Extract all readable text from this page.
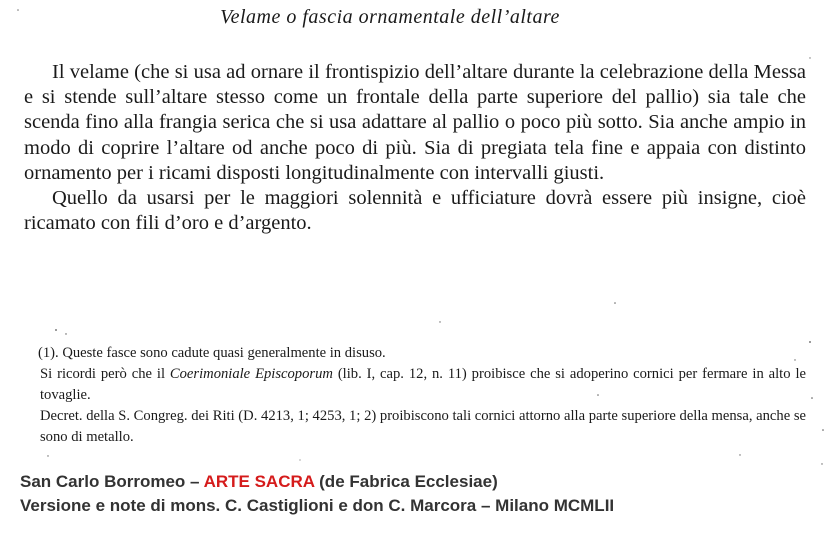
Velame o fascia ornamentale dell’altare

Il velame (che si usa ad ornare il frontispizio dell’altare durante la celebrazione della Messa e si stende sull’altare stesso come un frontale della parte superiore del pallio) sia tale che scenda fino alla frangia serica che si usa adattare al pallio o poco più sotto. Sia anche ampio in modo di coprire l’altare od anche poco di più. Sia di pregiata tela fine e appaia con distinto ornamento per i ricami disposti longitudinalmente con intervalli giusti.

Quello da usarsi per le maggiori solennità e ufficiature dovrà essere più insigne, cioè ricamato con fili d’oro e d’argento.

(1). Queste fasce sono cadute quasi generalmente in disuso.

Si ricordi però che il Coerimoniale Episcoporum (lib. I, cap. 12, n. 11) proibisce che si adoperino cornici per fermare in alto le tovaglie.

Decret. della S. Congreg. dei Riti (D. 4213, 1; 4253, 1; 2) proibiscono tali cornici attorno alla parte superiore della mensa, anche se sono di metallo.

San Carlo Borromeo – ARTE SACRA (de Fabrica Ecclesiae)
Versione e note di mons. C. Castiglioni e don C. Marcora – Milano MCMLII
